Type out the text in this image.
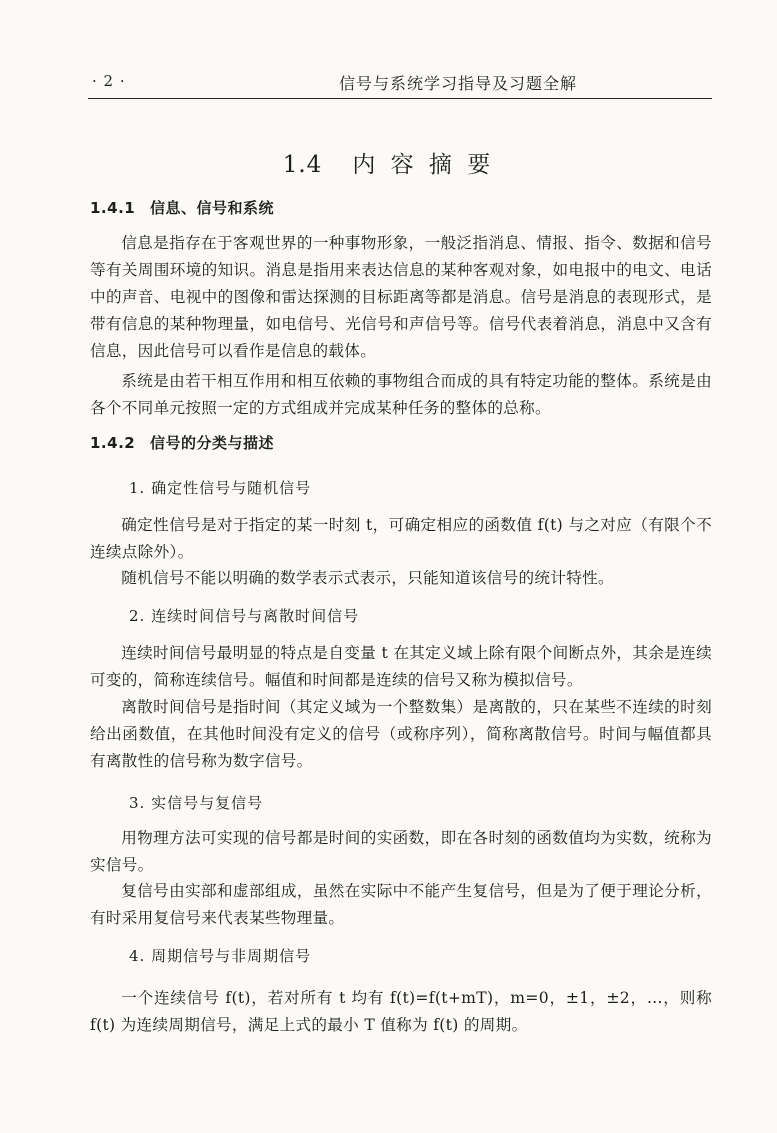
· 2 ·	信号与系统学习指导及习题全解
1.4 内 容 摘 要
1.4.1 信息、信号和系统
信息是指存在于客观世界的一种事物形象，一般泛指消息、情报、指令、数据和信号等有关周围环境的知识。消息是指用来表达信息的某种客观对象，如电报中的电文、电话中的声音、电视中的图像和雷达探测的目标距离等都是消息。信号是消息的表现形式，是带有信息的某种物理量，如电信号、光信号和声信号等。信号代表着消息，消息中又含有信息，因此信号可以看作是信息的载体。
系统是由若干相互作用和相互依赖的事物组合而成的具有特定功能的整体。系统是由各个不同单元按照一定的方式组成并完成某种任务的整体的总称。
1.4.2 信号的分类与描述
1. 确定性信号与随机信号
确定性信号是对于指定的某一时刻 t，可确定相应的函数值 f(t) 与之对应（有限个不连续点除外）。
随机信号不能以明确的数学表示式表示，只能知道该信号的统计特性。
2. 连续时间信号与离散时间信号
连续时间信号最明显的特点是自变量 t 在其定义域上除有限个间断点外，其余是连续可变的，简称连续信号。幅值和时间都是连续的信号又称为模拟信号。
离散时间信号是指时间（其定义域为一个整数集）是离散的，只在某些不连续的时刻给出函数值，在其他时间没有定义的信号（或称序列），简称离散信号。时间与幅值都具有离散性的信号称为数字信号。
3. 实信号与复信号
用物理方法可实现的信号都是时间的实函数，即在各时刻的函数值均为实数，统称为实信号。
复信号由实部和虚部组成，虽然在实际中不能产生复信号，但是为了便于理论分析，有时采用复信号来代表某些物理量。
4. 周期信号与非周期信号
一个连续信号 f(t)，若对所有 t 均有 f(t)=f(t+mT)，m=0，±1，±2，…，则称 f(t) 为连续周期信号，满足上式的最小 T 值称为 f(t) 的周期。
